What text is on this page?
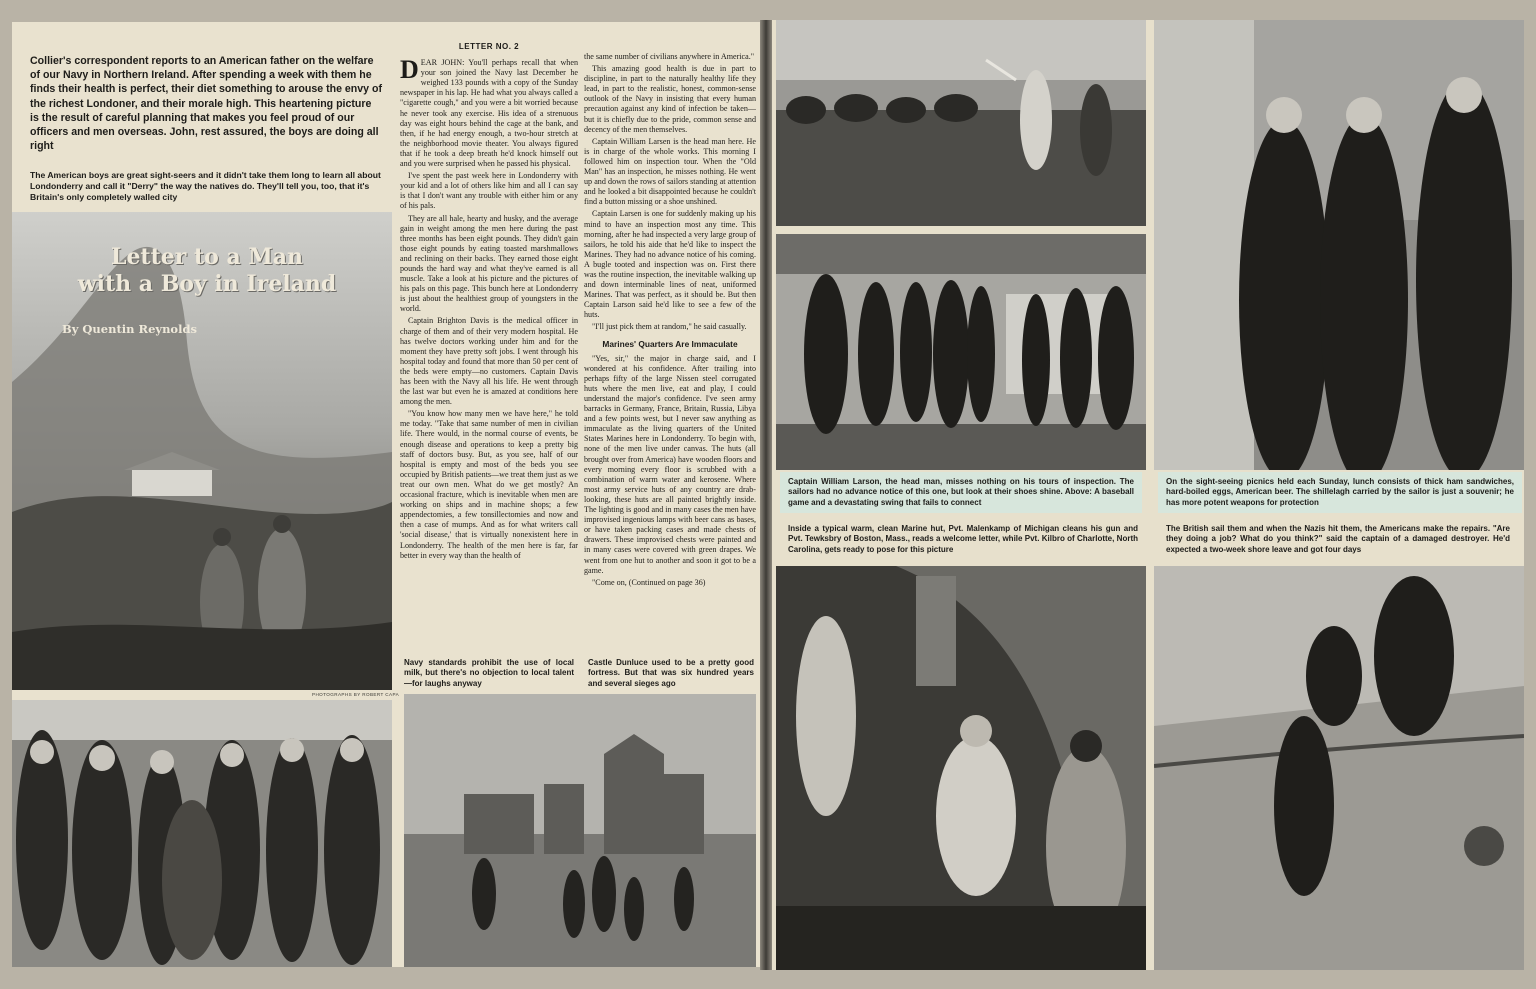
Collier's correspondent reports to an American father on the welfare of our Navy in Northern Ireland. After spending a week with them he finds their health is perfect, their diet something to arouse the envy of the richest Londoner, and their morale high. This heartening picture is the result of careful planning that makes you feel proud of our officers and men overseas. John, rest assured, the boys are doing all right
The American boys are great sight-seers and it didn't take them long to learn all about Londonderry and call it "Derry" the way the natives do. They'll tell you, too, that it's Britain's only completely walled city
Letter to a Man
with a Boy in Ireland
By Quentin Reynolds
PHOTOGRAPHS BY ROBERT CAPA
LETTER NO. 2

DEAR JOHN: You'll perhaps recall that when your son joined the Navy last December he weighed 133 pounds with a copy of the Sunday newspaper in his lap. He had what you always called a "cigarette cough," and you were a bit worried because he never took any exercise. His idea of a strenuous day was eight hours behind the cage at the bank, and then, if he had energy enough, a two-hour stretch at the neighborhood movie theater. You always figured that if he took a deep breath he'd knock himself out and you were surprised when he passed his physical.

I've spent the past week here in Londonderry with your kid and a lot of others like him and all I can say is that I don't want any trouble with either him or any of his pals.

They are all hale, hearty and husky, and the average gain in weight among the men here during the past three months has been eight pounds. They didn't gain those eight pounds by eating toasted marshmallows and reclining on their backs. They earned those eight pounds the hard way and what they've earned is all muscle. Take a look at his picture and the pictures of his pals on this page. This bunch here at Londonderry is just about the healthiest group of youngsters in the world.

Captain Brighton Davis is the medical officer in charge of them and of their very modern hospital. He has twelve doctors working under him and for the moment they have pretty soft jobs. I went through his hospital today and found that more than 50 per cent of the beds were empty—no customers. Captain Davis has been with the Navy all his life. He went through the last war but even he is amazed at conditions here among the men.

"You know how many men we have here," he told me today. "Take that same number of men in civilian life. There would, in the normal course of events, be enough disease and operations to keep a pretty big staff of doctors busy. But, as you see, half of our hospital is empty and most of the beds you see occupied by British patients—we treat them just as we treat our own men. What do we get mostly? An occasional fracture, which is inevitable when men are working on ships and in machine shops; a few appendectomies, a few tonsillectomies and now and then a case of mumps. And as for what writers call 'social disease,' that is virtually nonexistent here in Londonderry. The health of the men here is far, far better in every way than the health of

the same number of civilians anywhere in America."

This amazing good health is due in part to discipline, in part to the naturally healthy life they lead, in part to the realistic, honest, common-sense outlook of the Navy in insisting that every human precaution against any kind of infection be taken—but it is chiefly due to the pride, common sense and decency of the men themselves.

Captain William Larsen is the head man here. He is in charge of the whole works. This morning I followed him on inspection tour. When the "Old Man" has an inspection, he misses nothing. He went up and down the rows of sailors standing at attention and he looked a bit disappointed because he couldn't find a button missing or a shoe unshined.

Captain Larsen is one for suddenly making up his mind to have an inspection most any time. This morning, after he had inspected a very large group of sailors, he told his aide that he'd like to inspect the Marines. They had no advance notice of his coming. A bugle tooted and inspection was on. First there was the routine inspection, the inevitable walking up and down interminable lines of neat, uniformed Marines. That was perfect, as it should be. But then Captain Larson said he'd like to see a few of the huts.

"I'll just pick them at random," he said casually.

Marines' Quarters Are Immaculate

"Yes, sir," the major in charge said, and I wondered at his confidence. After trailing into perhaps fifty of the large Nissen steel corrugated huts where the men live, eat and play, I could understand the major's confidence. I've seen army barracks in Germany, France, Britain, Russia, Libya and a few points west, but I never saw anything as immaculate as the living quarters of the United States Marines here in Londonderry. To begin with, none of the men live under canvas. The huts (all brought over from America) have wooden floors and every morning every floor is scrubbed with a combination of warm water and kerosene. Where most army service huts of any country are drab-looking, these huts are all painted brightly inside. The lighting is good and in many cases the men have improvised ingenious lamps with beer cans as bases, or have taken packing cases and made chests of drawers. These improvised chests were painted and in many cases were covered with green drapes. We went from one hut to another and soon it got to be a game.

"Come on, (Continued on page 36)

Navy standards prohibit the use of local milk, but there's no objection to local talent—for laughs anyway
Castle Dunluce used to be a pretty good fortress. But that was six hundred years and several sieges ago
Captain William Larson, the head man, misses nothing on his tours of inspection. The sailors had no advance notice of this one, but look at their shoes shine. Above: A baseball game and a devastating swing that fails to connect
On the sight-seeing picnics held each Sunday, lunch consists of thick ham sandwiches, hard-boiled eggs, American beer. The shillelagh carried by the sailor is just a souvenir; he has more potent weapons for protection
Inside a typical warm, clean Marine hut, Pvt. Malenkamp of Michigan cleans his gun and Pvt. Tewksbry of Boston, Mass., reads a welcome letter, while Pvt. Kilbro of Charlotte, North Carolina, gets ready to pose for this picture
The British sail them and when the Nazis hit them, the Americans make the repairs. "Are they doing a job? What do you think?" said the captain of a damaged destroyer. He'd expected a two-week shore leave and got four days
